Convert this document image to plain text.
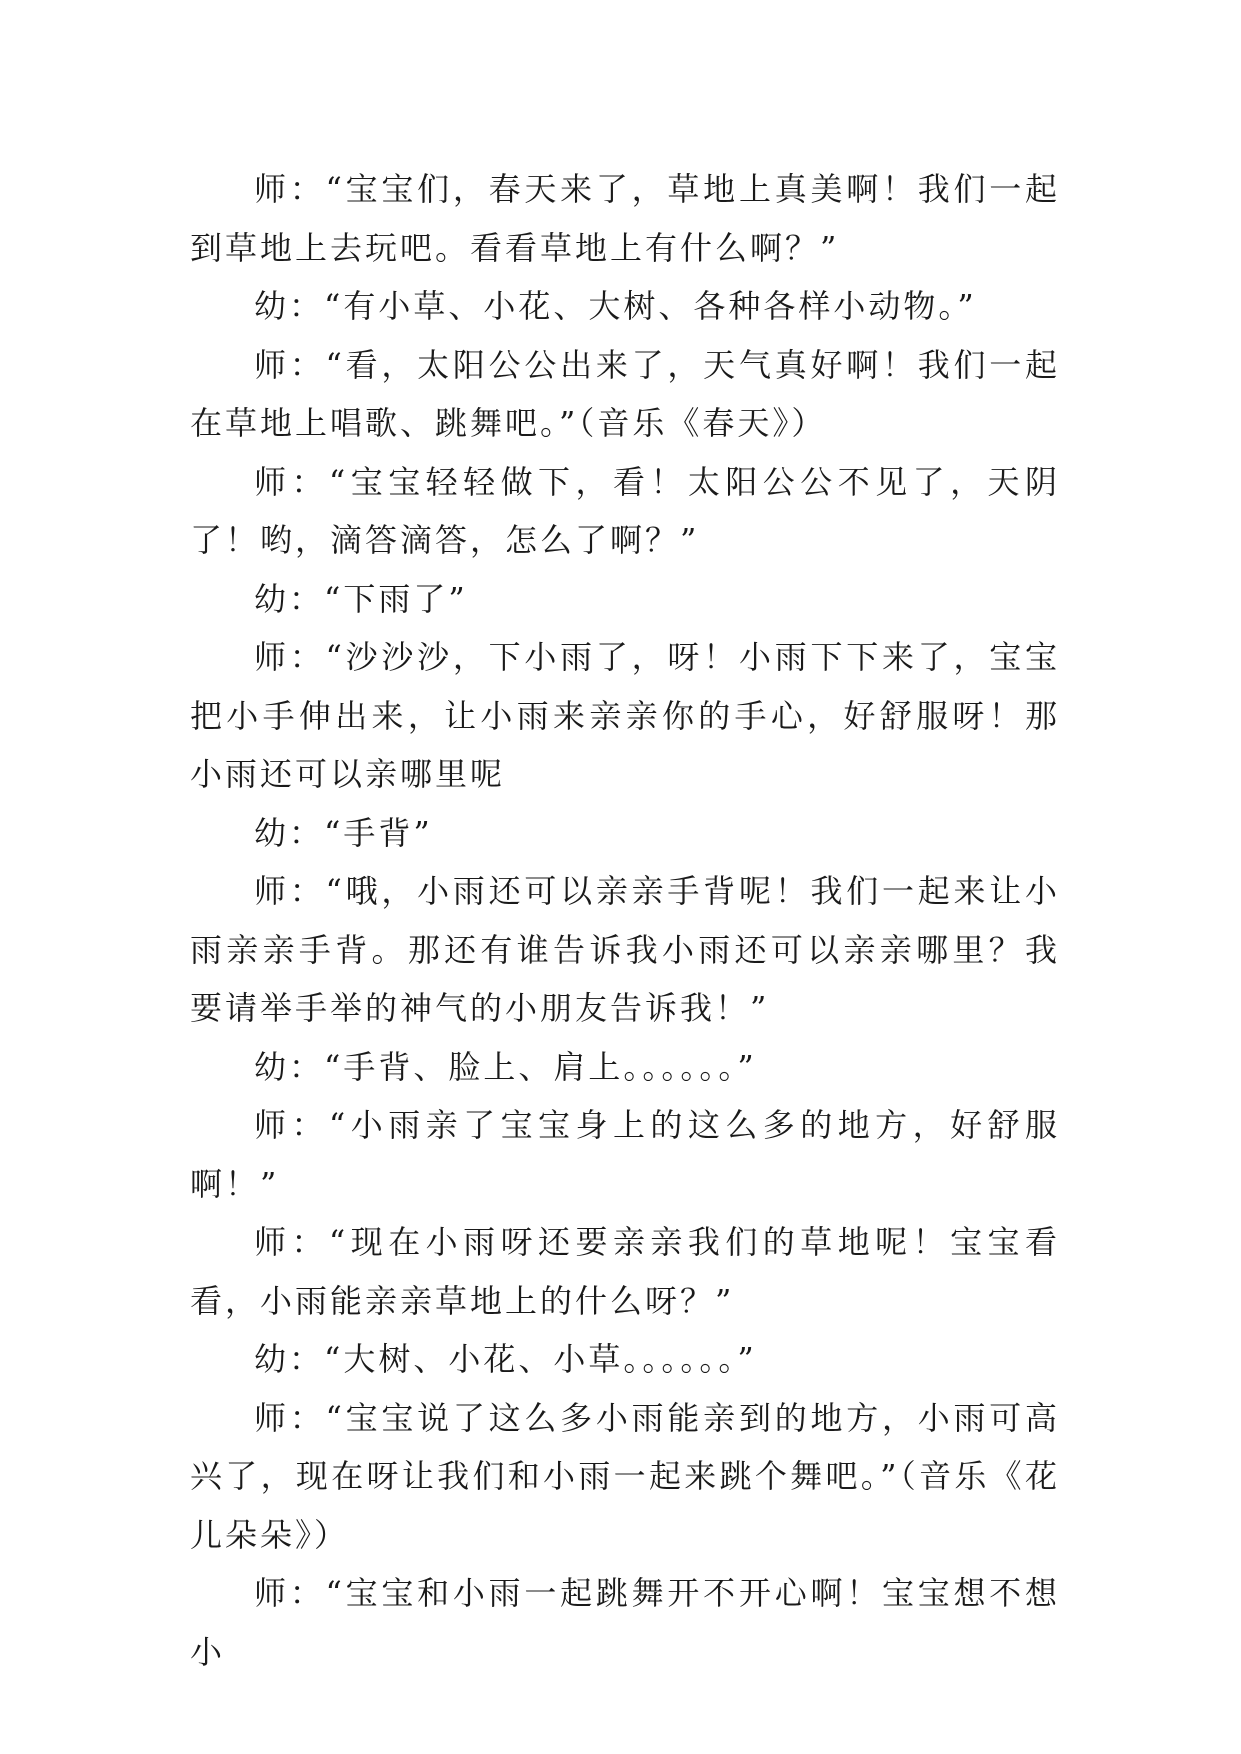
师：“宝宝们，春天来了，草地上真美啊！我们一起到草地上去玩吧。看看草地上有什么啊？”

幼：“有小草、小花、大树、各种各样小动物。”

师：“看，太阳公公出来了，天气真好啊！我们一起在草地上唱歌、跳舞吧。”（音乐《春天》）

师：“宝宝轻轻做下，看！太阳公公不见了，天阴了！哟，滴答滴答，怎么了啊？”

幼：“下雨了”

师：“沙沙沙，下小雨了，呀！小雨下下来了，宝宝把小手伸出来，让小雨来亲亲你的手心，好舒服呀！那小雨还可以亲哪里呢

幼：“手背”

师：“哦，小雨还可以亲亲手背呢！我们一起来让小雨亲亲手背。那还有谁告诉我小雨还可以亲亲哪里？我要请举手举的神气的小朋友告诉我！”

幼：“手背、脸上、肩上。。。。。。”

师：“小雨亲了宝宝身上的这么多的地方，好舒服啊！”

师：“现在小雨呀还要亲亲我们的草地呢！宝宝看看，小雨能亲亲草地上的什么呀？”

幼：“大树、小花、小草。。。。。。”

师：“宝宝说了这么多小雨能亲到的地方，小雨可高兴了，现在呀让我们和小雨一起来跳个舞吧。”（音乐《花儿朵朵》）

师：“宝宝和小雨一起跳舞开不开心啊！宝宝想不想小
